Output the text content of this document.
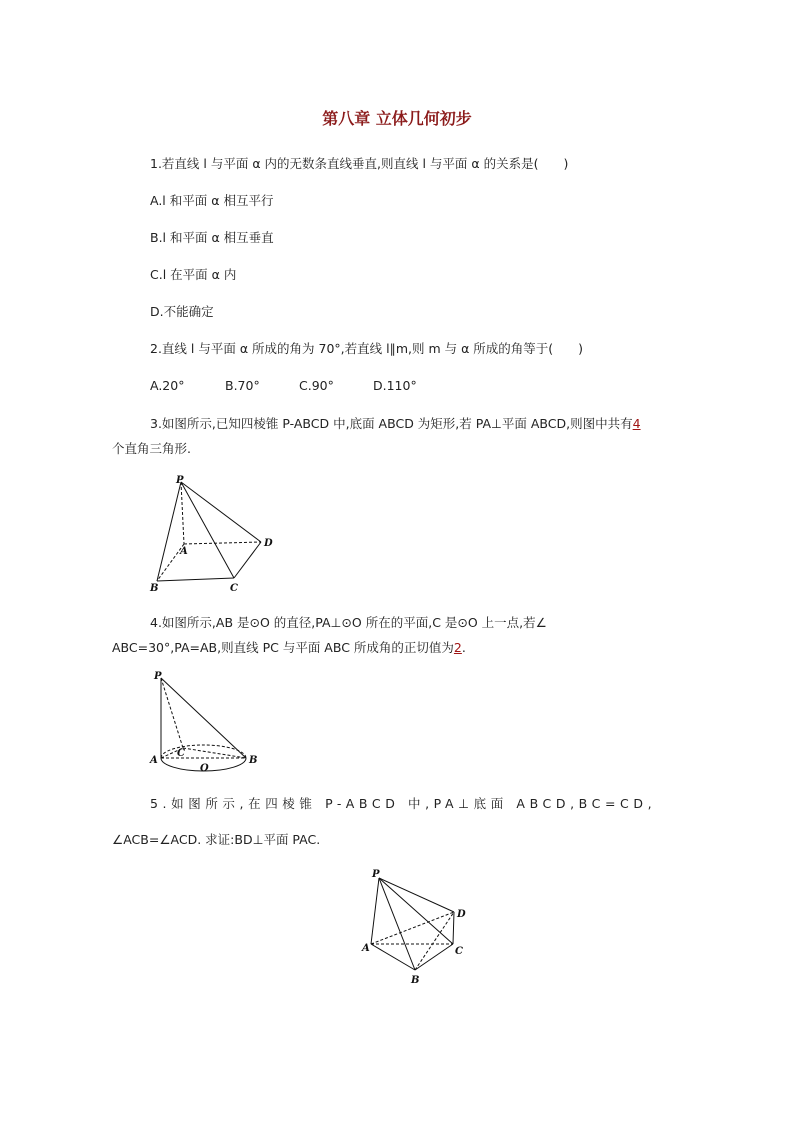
第八章 立体几何初步
1.若直线 l 与平面 α 内的无数条直线垂直,则直线 l 与平面 α 的关系是(　　)
A.l 和平面 α 相互平行
B.l 和平面 α 相互垂直
C.l 在平面 α 内
D.不能确定
2.直线 l 与平面 α 所成的角为 70°,若直线 l∥m,则 m 与 α 所成的角等于(　　)
A.20°	B.70°	C.90°	D.110°
3.如图所示,已知四棱锥 P-ABCD 中,底面 ABCD 为矩形,若 PA⊥平面 ABCD,则图中共有4
个直角三角形.
P
A
B	C
D
4.如图所示,AB 是⊙O 的直径,PA⊥⊙O 所在的平面,C 是⊙O 上一点,若∠
ABC=30°,PA=AB,则直线 PC 与平面 ABC 所成角的正切值为2.
P
A
C
B
O
5.如图所示,在四棱锥 P-ABCD 中,PA⊥底面 ABCD,BC=CD,
∠ACB=∠ACD. 求证:BD⊥平面 PAC.
P
A
B
C
D
